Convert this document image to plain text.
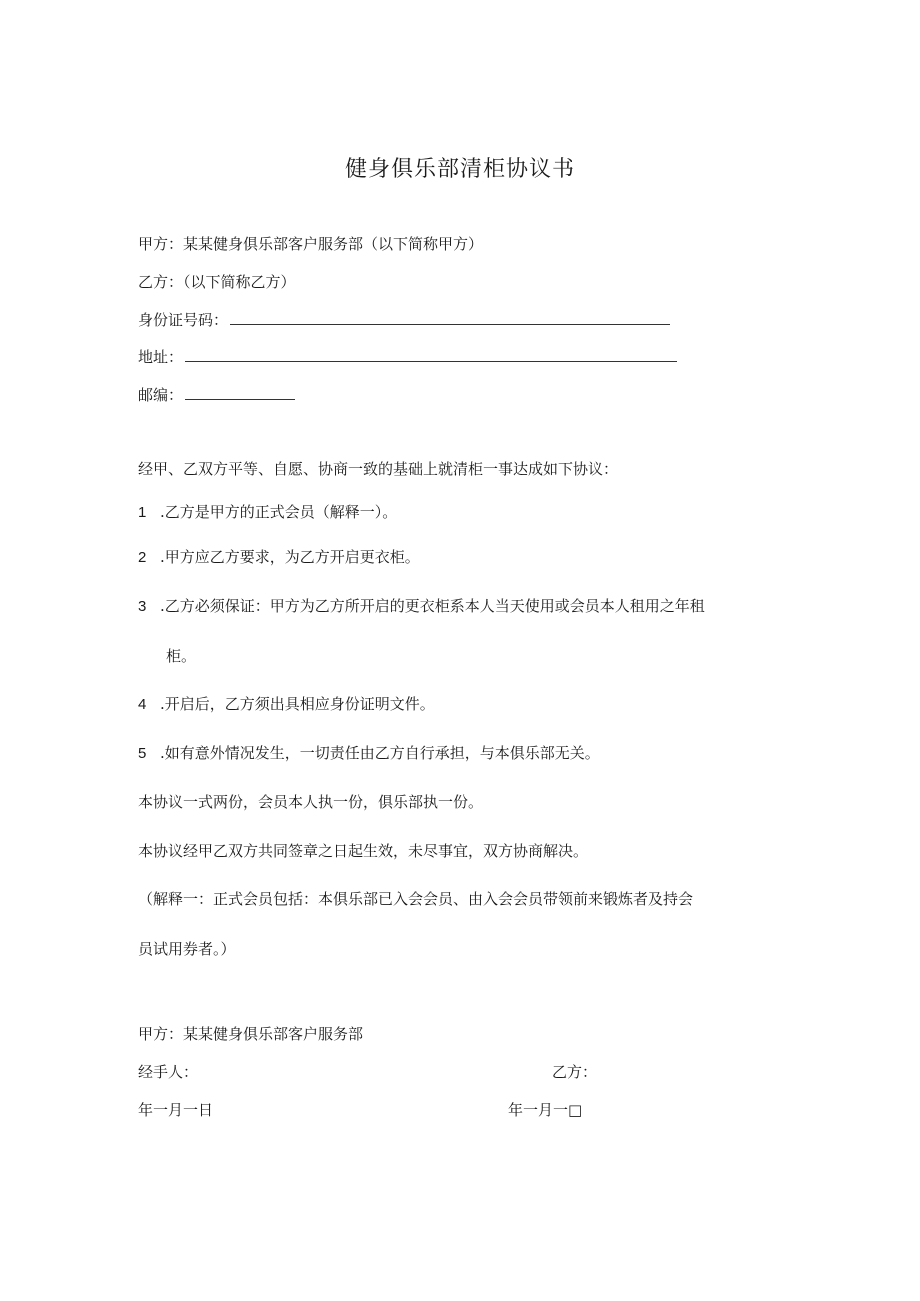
健身俱乐部清柜协议书
甲方：某某健身俱乐部客户服务部（以下简称甲方）
乙方：（以下简称乙方）
身份证号码：
地址：
邮编：
经甲、乙双方平等、自愿、协商一致的基础上就清柜一事达成如下协议：
1 .乙方是甲方的正式会员（解释一）。
2 .甲方应乙方要求，为乙方开启更衣柜。
3 .乙方必须保证：甲方为乙方所开启的更衣柜系本人当天使用或会员本人租用之年租
柜。
4 .开启后，乙方须出具相应身份证明文件。
5 .如有意外情况发生，一切责任由乙方自行承担，与本俱乐部无关。
本协议一式两份，会员本人执一份，俱乐部执一份。
本协议经甲乙双方共同签章之日起生效，未尽事宜，双方协商解决。
（解释一：正式会员包括：本俱乐部已入会会员、由入会会员带领前来锻炼者及持会
员试用券者。）
甲方：某某健身俱乐部客户服务部
经手人：	乙方：
年一月一日	年一月一□
